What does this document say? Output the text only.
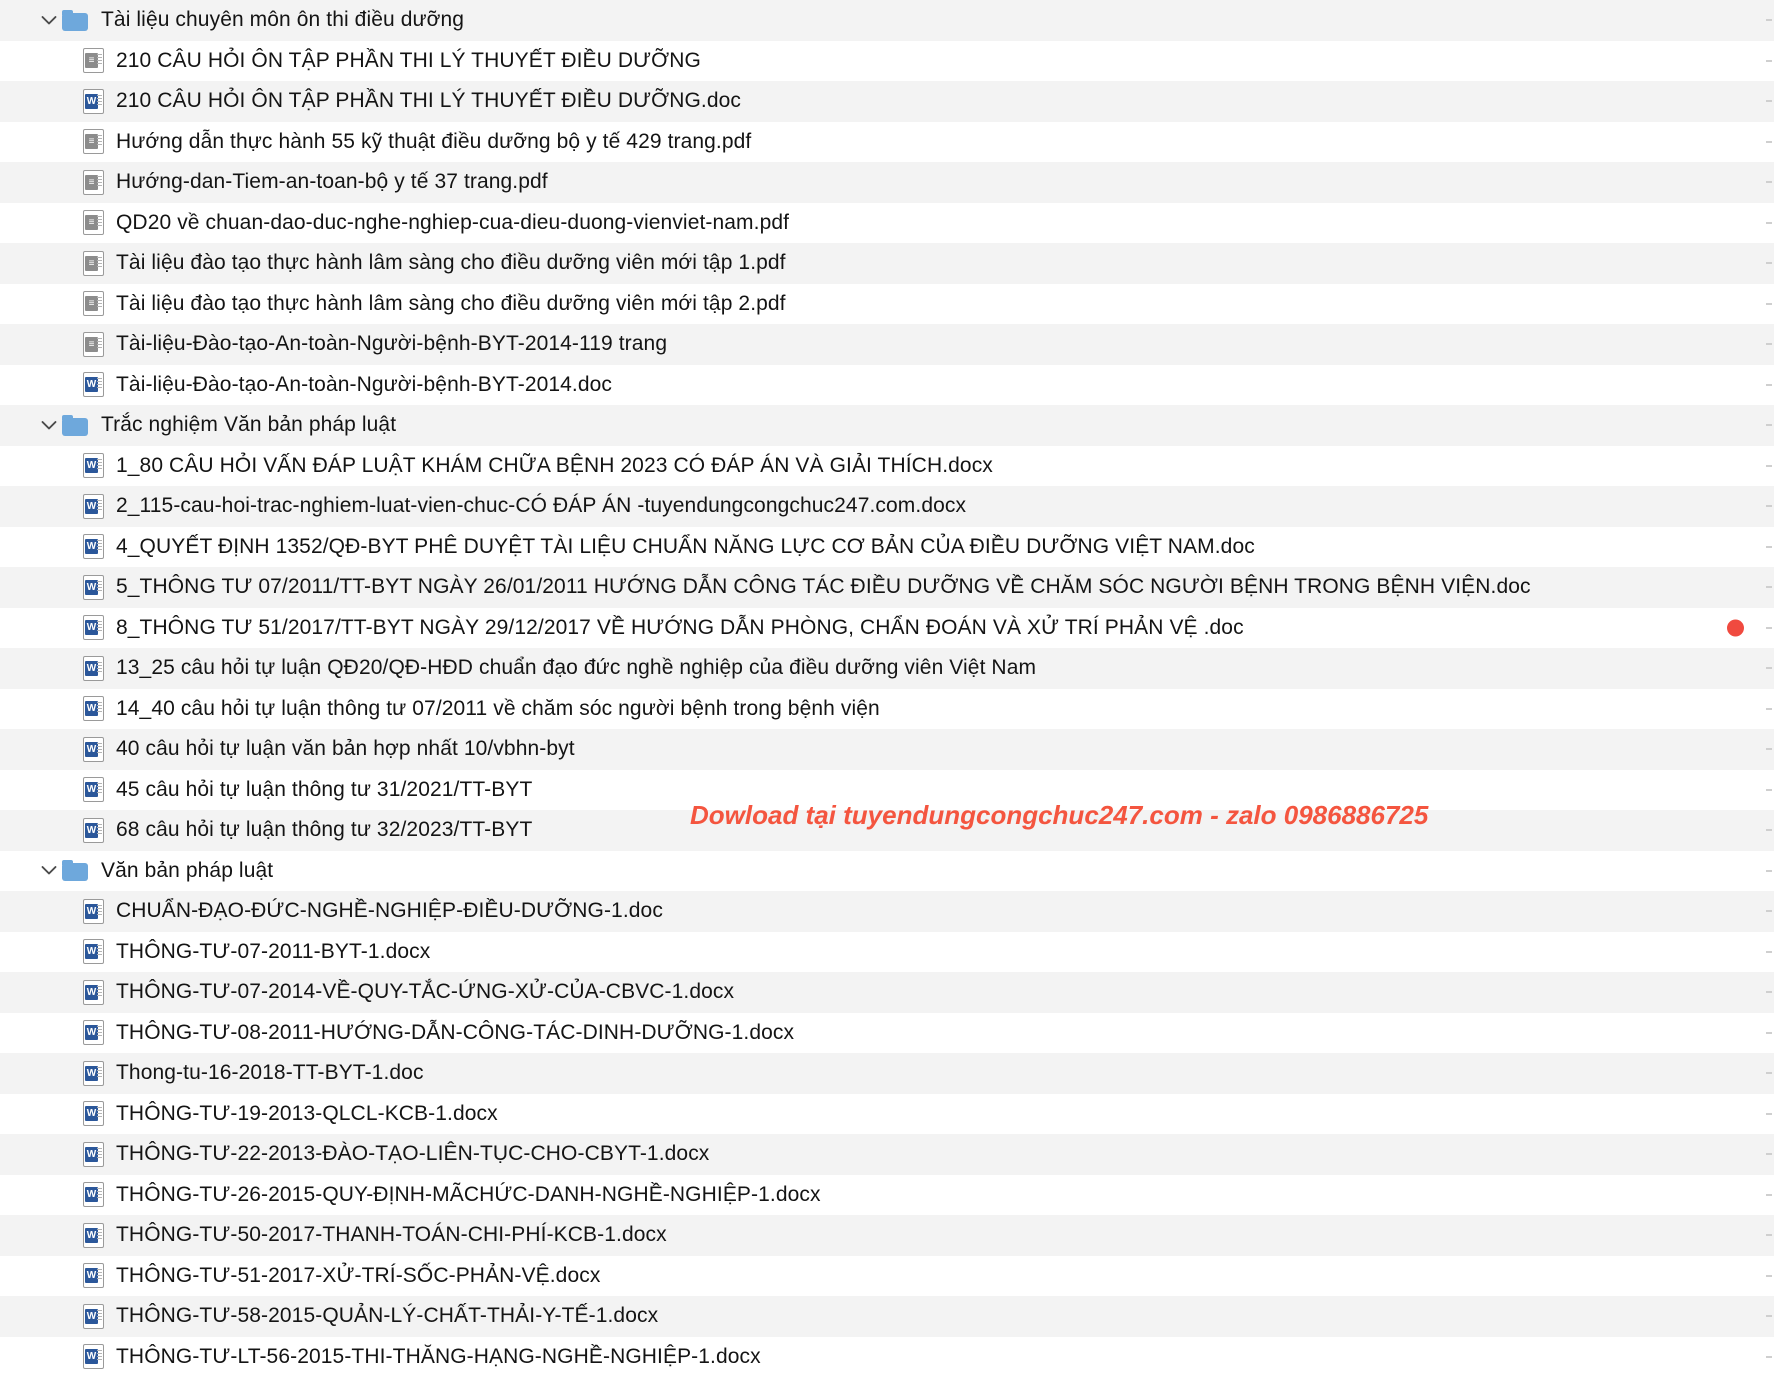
Tài liệu chuyên môn ôn thi điều dưỡng
≡ 210 CÂU HỎI ÔN TẬP PHẦN THI LÝ THUYẾT ĐIỀU DƯỠNG
W 210 CÂU HỎI ÔN TẬP PHẦN THI LÝ THUYẾT ĐIỀU DƯỠNG.doc
≡ Hướng dẫn thực hành 55 kỹ thuật điều dưỡng bộ y tế 429 trang.pdf
≡ Hướng-dan-Tiem-an-toan-bộ y tế 37 trang.pdf
≡ QD20 về chuan-dao-duc-nghe-nghiep-cua-dieu-duong-vienviet-nam.pdf
≡ Tài liệu đào tạo thực hành lâm sàng cho điều dưỡng viên mới tập 1.pdf
≡ Tài liệu đào tạo thực hành lâm sàng cho điều dưỡng viên mới tập 2.pdf
≡ Tài-liệu-Đào-tạo-An-toàn-Người-bệnh-BYT-2014-119 trang
W Tài-liệu-Đào-tạo-An-toàn-Người-bệnh-BYT-2014.doc
Trắc nghiệm Văn bản pháp luật
W 1_80 CÂU HỎI VẤN ĐÁP LUẬT KHÁM CHỮA BỆNH 2023 CÓ ĐÁP ÁN VÀ GIẢI THÍCH.docx
W 2_115-cau-hoi-trac-nghiem-luat-vien-chuc-CÓ ĐÁP ÁN -tuyendungcongchuc247.com.docx
W 4_QUYẾT ĐỊNH 1352/QĐ-BYT PHÊ DUYỆT TÀI LIỆU CHUẨN NĂNG LỰC CƠ BẢN CỦA ĐIỀU DƯỠNG VIỆT NAM.doc
W 5_THÔNG TƯ 07/2011/TT-BYT NGÀY 26/01/2011 HƯỚNG DẪN CÔNG TÁC ĐIỀU DƯỠNG VỀ CHĂM SÓC NGƯỜI BỆNH TRONG BỆNH VIỆN.doc
W 8_THÔNG TƯ 51/2017/TT-BYT NGÀY 29/12/2017 VỀ HƯỚNG DẪN PHÒNG, CHẨN ĐOÁN VÀ XỬ TRÍ PHẢN VỆ .doc
W 13_25 câu hỏi tự luận QĐ20/QĐ-HĐD chuẩn đạo đức nghề nghiệp của điều dưỡng viên Việt Nam
W 14_40 câu hỏi tự luận thông tư 07/2011 về chăm sóc người bệnh trong bệnh viện
W 40 câu hỏi tự luận văn bản hợp nhất 10/vbhn-byt
W 45 câu hỏi tự luận thông tư 31/2021/TT-BYT
W 68 câu hỏi tự luận thông tư 32/2023/TT-BYT
Văn bản pháp luật
W CHUẨN-ĐẠO-ĐỨC-NGHỀ-NGHIỆP-ĐIỀU-DƯỠNG-1.doc
W THÔNG-TƯ-07-2011-BYT-1.docx
W THÔNG-TƯ-07-2014-VỀ-QUY-TẮC-ỨNG-XỬ-CỦA-CBVC-1.docx
W THÔNG-TƯ-08-2011-HƯỚNG-DẪN-CÔNG-TÁC-DINH-DƯỠNG-1.docx
W Thong-tu-16-2018-TT-BYT-1.doc
W THÔNG-TƯ-19-2013-QLCL-KCB-1.docx
W THÔNG-TƯ-22-2013-ĐÀO-TẠO-LIÊN-TỤC-CHO-CBYT-1.docx
W THÔNG-TƯ-26-2015-QUY-ĐỊNH-MÃCHỨC-DANH-NGHỀ-NGHIỆP-1.docx
W THÔNG-TƯ-50-2017-THANH-TOÁN-CHI-PHÍ-KCB-1.docx
W THÔNG-TƯ-51-2017-XỬ-TRÍ-SỐC-PHẢN-VỆ.docx
W THÔNG-TƯ-58-2015-QUẢN-LÝ-CHẤT-THẢI-Y-TẾ-1.docx
W THÔNG-TƯ-LT-56-2015-THI-THĂNG-HẠNG-NGHỀ-NGHIỆP-1.docx
Dowload tại tuyendungcongchuc247.com - zalo 0986886725
